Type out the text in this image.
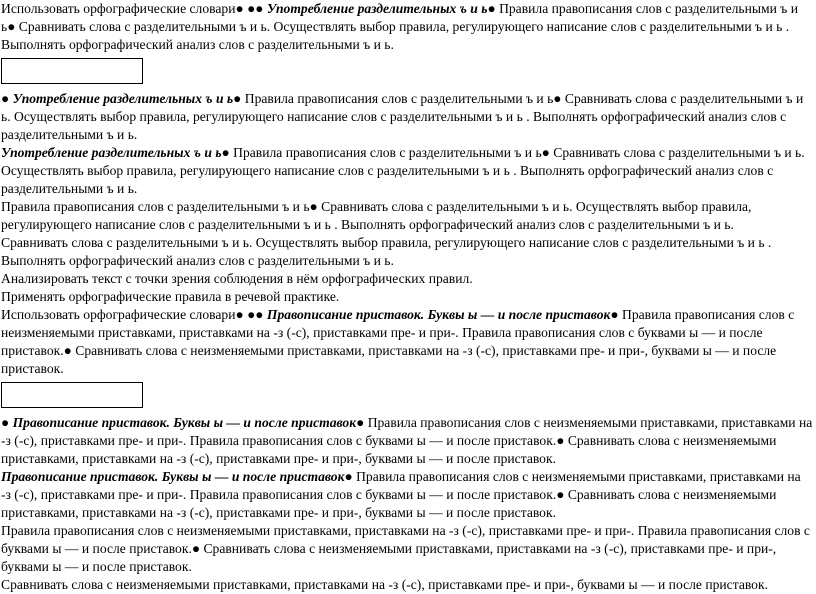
Использовать орфографические словари● ●● Употребление разделительных ъ и ь● Правила правописания слов с разделительными ъ и ь● Сравнивать слова с разделительными ъ и ь. Осуществлять выбор правила, регулирующего написание слов с разделительными ъ и ь . Выполнять орфографический анализ слов с разделительными ъ и ь.

● Употребление разделительных ъ и ь● Правила правописания слов с разделительными ъ и ь● Сравнивать слова с разделительными ъ и ь. Осуществлять выбор правила, регулирующего написание слов с разделительными ъ и ь . Выполнять орфографический анализ слов с разделительными ъ и ь.

Употребление разделительных ъ и ь● Правила правописания слов с разделительными ъ и ь● Сравнивать слова с разделительными ъ и ь. Осуществлять выбор правила, регулирующего написание слов с разделительными ъ и ь . Выполнять орфографический анализ слов с разделительными ъ и ь.

Правила правописания слов с разделительными ъ и ь● Сравнивать слова с разделительными ъ и ь. Осуществлять выбор правила, регулирующего написание слов с разделительными ъ и ь . Выполнять орфографический анализ слов с разделительными ъ и ь.

Сравнивать слова с разделительными ъ и ь. Осуществлять выбор правила, регулирующего написание слов с разделительными ъ и ь . Выполнять орфографический анализ слов с разделительными ъ и ь.

Анализировать текст с точки зрения соблюдения в нём орфографических правил.

Применять орфографические правила в речевой практике.

Использовать орфографические словари● ●● Правописание приставок. Буквы ы — и после приставок● Правила правописания слов с неизменяемыми приставками, приставками на -з (-с), приставками пре- и при-. Правила правописания слов с буквами ы — и после приставок.● Сравнивать слова с неизменяемыми приставками, приставками на -з (-с), приставками пре- и при-, буквами ы — и после приставок.

● Правописание приставок. Буквы ы — и после приставок● Правила правописания слов с неизменяемыми приставками, приставками на -з (-с), приставками пре- и при-. Правила правописания слов с буквами ы — и после приставок.● Сравнивать слова с неизменяемыми приставками, приставками на -з (-с), приставками пре- и при-, буквами ы — и после приставок.

Правописание приставок. Буквы ы — и после приставок● Правила правописания слов с неизменяемыми приставками, приставками на -з (-с), приставками пре- и при-. Правила правописания слов с буквами ы — и после приставок.● Сравнивать слова с неизменяемыми приставками, приставками на -з (-с), приставками пре- и при-, буквами ы — и после приставок.

Правила правописания слов с неизменяемыми приставками, приставками на -з (-с), приставками пре- и при-. Правила правописания слов с буквами ы — и после приставок.● Сравнивать слова с неизменяемыми приставками, приставками на -з (-с), приставками пре- и при-, буквами ы — и после приставок.

Сравнивать слова с неизменяемыми приставками, приставками на -з (-с), приставками пре- и при-, буквами ы — и после приставок.
